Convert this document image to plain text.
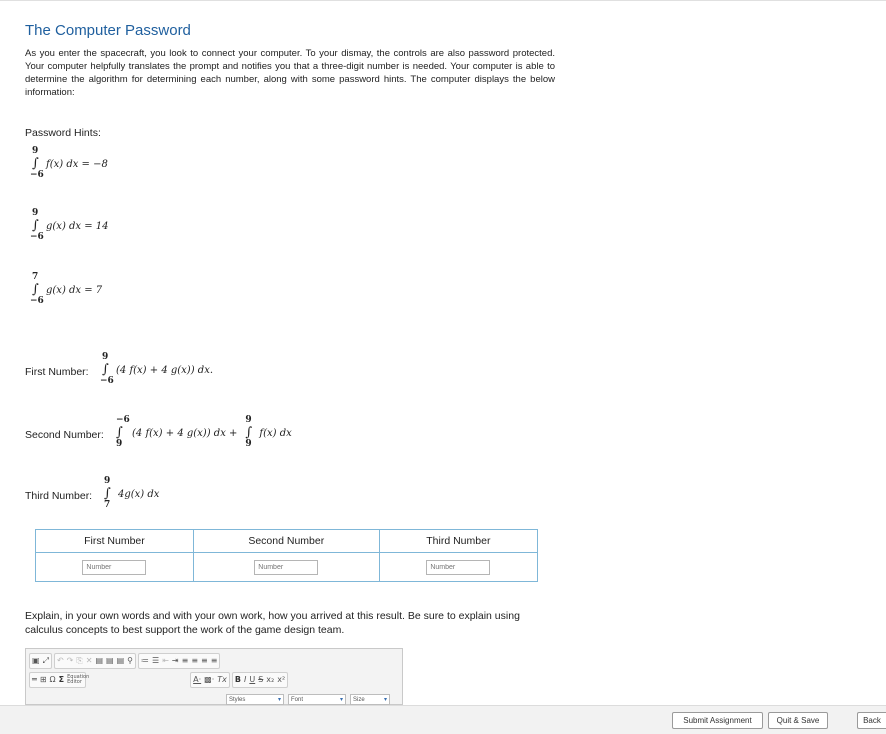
The Computer Password

As you enter the spacecraft, you look to connect your computer. To your dismay, the controls are also password protected. Your computer helpfully translates the prompt and notifies you that a three-digit number is needed. Your computer is able to determine the algorithm for determining each number, along with some password hints. The computer displays the below information:

Password Hints:
9
∫
−6
f(x) dx = −8
9
∫
−6
g(x) dx = 14
7
∫
−6
g(x) dx = 7
First Number:
9
∫
−6
(4 f(x) + 4 g(x)) dx.
Second Number:
−6
∫
9
(4 f(x) + 4 g(x)) dx +
9
∫
9
f(x) dx
Third Number:
9
∫
7
4g(x) dx
First Number	Second Number	Third Number
Number	Number	Number
Explain, in your own words and with your own work, how you arrived at this result. Be sure to explain using calculus concepts to best support the work of the game design team.
▣ ⤢ ↶ ↷ ⎘ ✕ ▤ ▤ ▤ ⚲ ≔ ☰ ⇤ ⇥ ≡ ≡ ≡ ≡
═ ⊞ Ω Σ Equation Editor	A· ▩· Tx B I U S x₂ x²
Styles	▾ Font	▾ Size	▾
Submit Assignment	Quit & Save	Back
